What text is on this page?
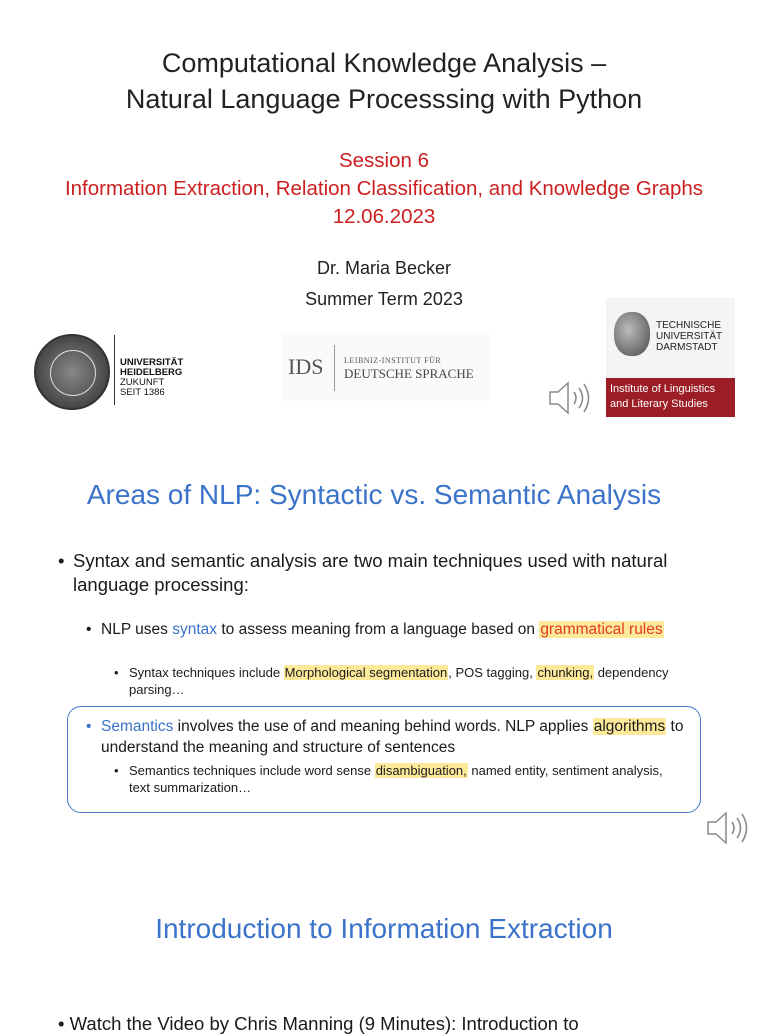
Computational Knowledge Analysis –
Natural Language Processsing with Python
Session 6
Information Extraction, Relation Classification, and Knowledge Graphs
12.06.2023
Dr. Maria Becker
Summer Term 2023
UNIVERSITÄT
HEIDELBERG
ZUKUNFT
SEIT 1386
IDS	LEIBNIZ-INSTITUT FÜR
DEUTSCHE SPRACHE
TECHNISCHE
UNIVERSITÄT
DARMSTADT
Institute of Linguistics
and Literary Studies
Areas of NLP: Syntactic vs. Semantic Analysis
• Syntax and semantic analysis are two main techniques used with natural language processing:
• NLP uses syntax to assess meaning from a language based on grammatical rules
• Syntax techniques include Morphological segmentation, POS tagging, chunking, dependency parsing…
• Semantics involves the use of and meaning behind words. NLP applies algorithms to understand the meaning and structure of sentences
• Semantics techniques include word sense disambiguation, named entity, sentiment analysis, text summarization…
Introduction to Information Extraction
• Watch the Video by Chris Manning (9 Minutes): Introduction to
